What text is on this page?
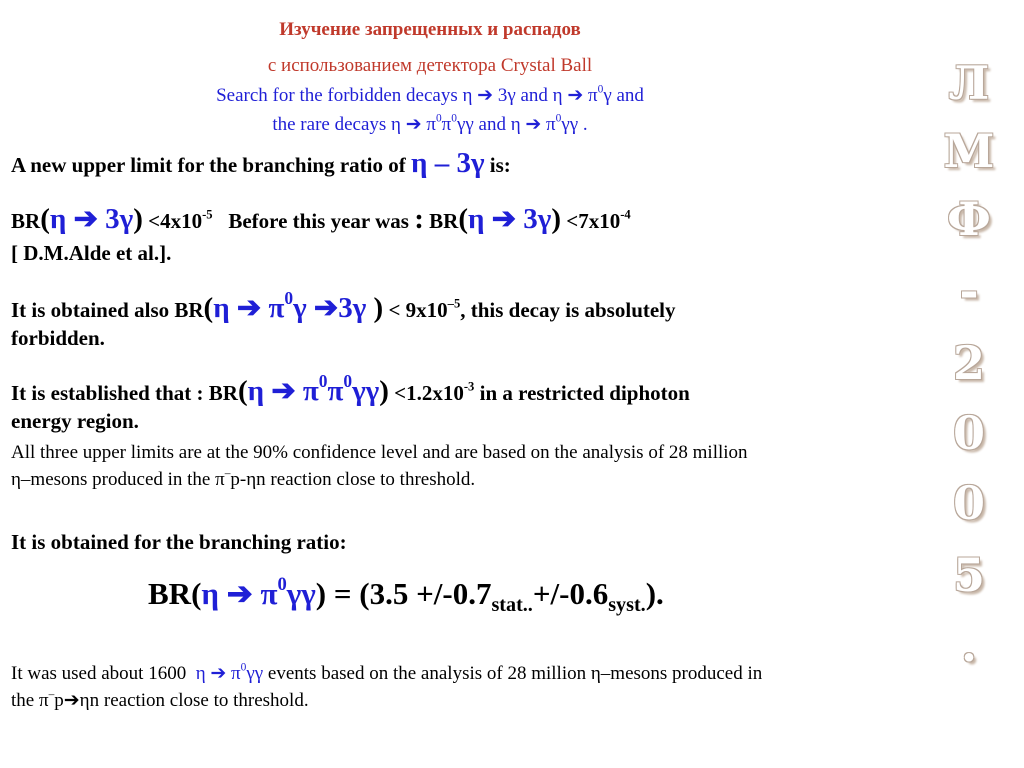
Изучение запрещенных и распадов
с использованием детектора Crystal Ball
Search for the forbidden decays η ➔ 3γ and η ➔ $\pi^0\gamma$ and
the rare decays η ➔ $\pi^0\pi^0\gamma\gamma$ and η ➔ $\pi^0\gamma\gamma$ .
A new upper limit for the branching ratio of η – 3γ is:
BR(η ➔ $3\gamma) <4x10^{-5}$ Before this year was : BR(η ➔ $3\gamma) <7x10^{-4}$
[ D.M.Alde et al.].
It is obtained also BR(η ➔ $\pi^0\gamma$ ➔3γ ) < $9x10^{-5}$, this decay is absolutely
forbidden.
It is established that : BR(η ➔ $\pi^0\pi^0\gamma\gamma) <1.2x10^{-3}$ in a restricted diphoton
energy region.
All three upper limits are at the 90% confidence level and are based on the analysis of 28 million
η–mesons produced in the π–p-ηn reaction close to threshold.
It is obtained for the branching ratio:
BR(η ➔ $\pi^0\gamma\gamma) = (3.5 +/-0.7_{stat..}+/-0.6_{syst.})$.
It was used about 1600 η ➔ $\pi^0\gamma\gamma$ events based on the analysis of 28 million η–mesons produced in
the π–p➔ηn reaction close to threshold.
Л
М
Ф
-
2
0
0
5
.
